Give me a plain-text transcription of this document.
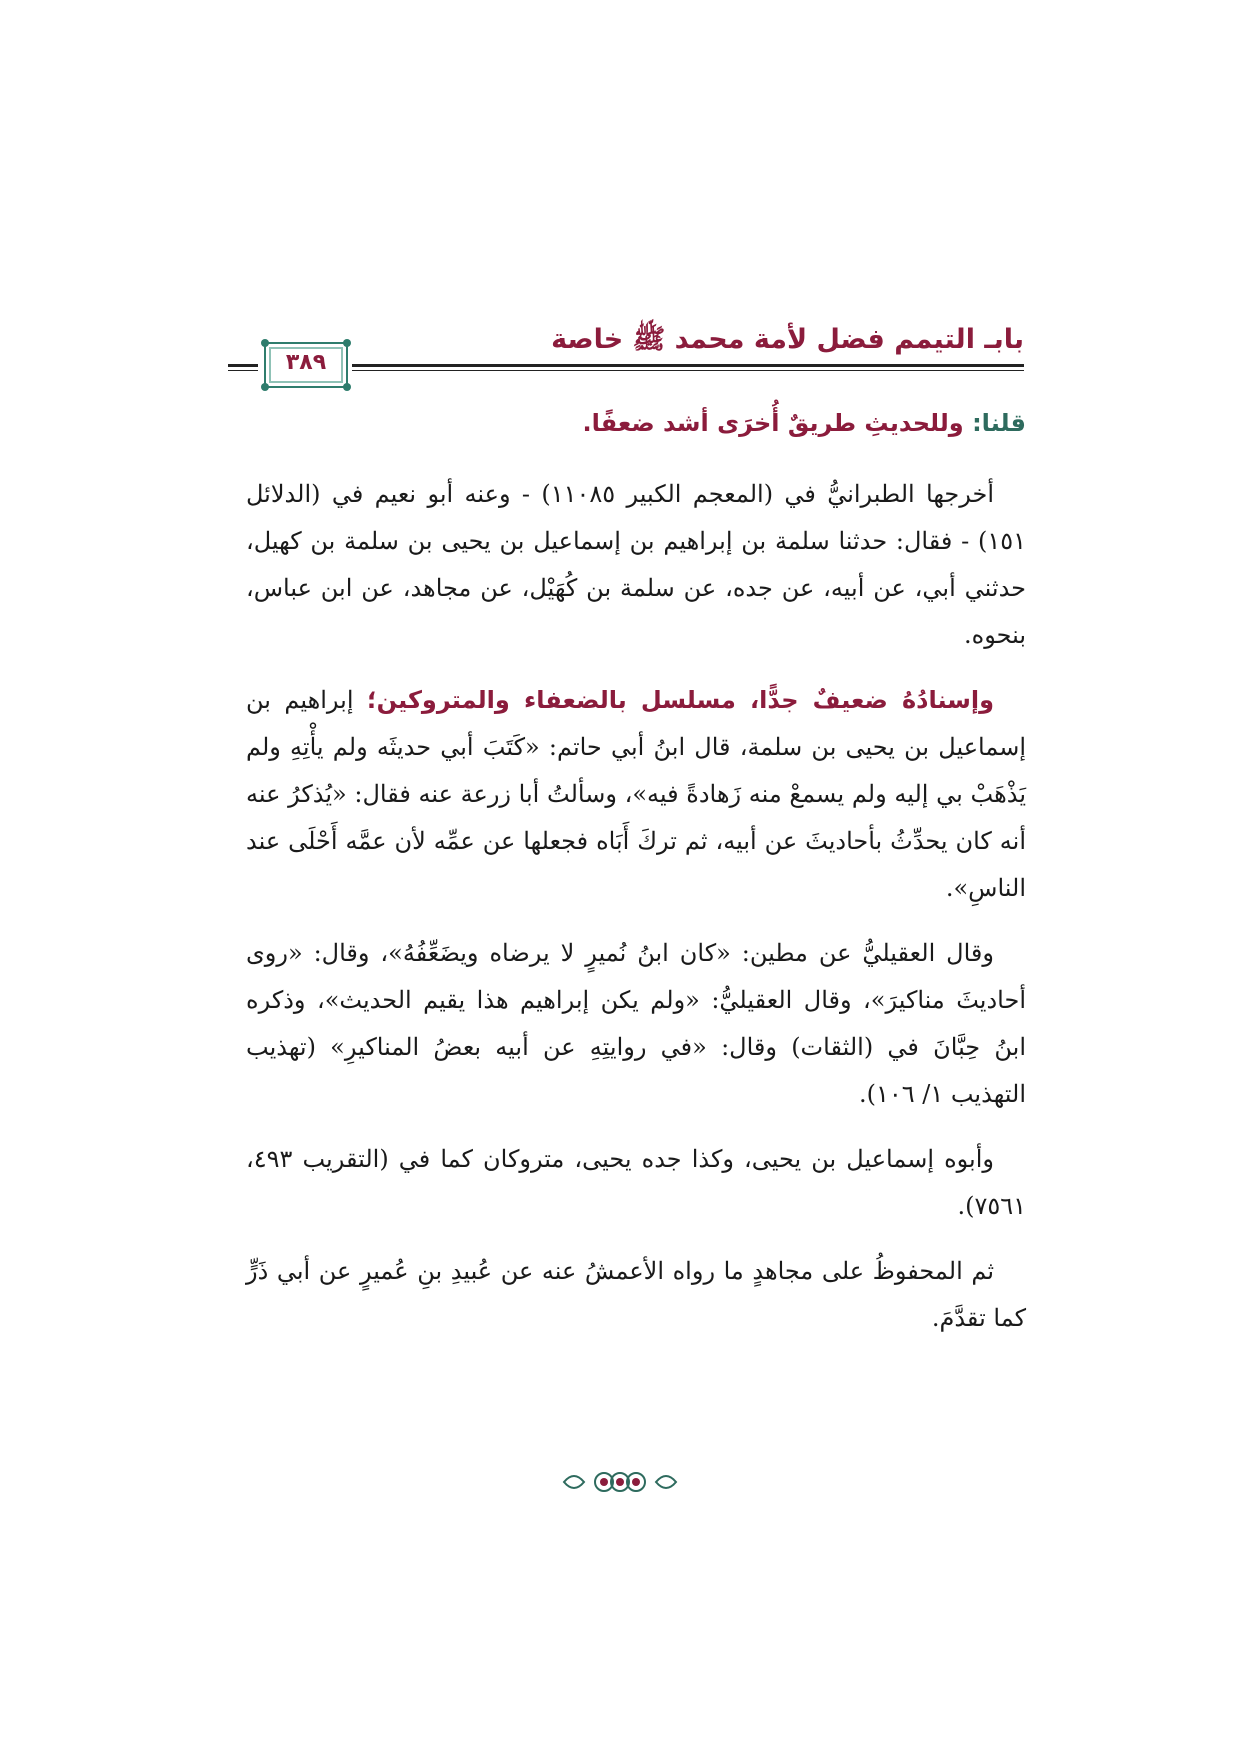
بابـ التيمم فضل لأمة محمد ﷺ خاصة
٣٨٩
قلنا: وللحديثِ طريقٌ أُخرَى أشد ضعفًا.

أخرجها الطبرانيُّ في (المعجم الكبير ١١٠٨٥) - وعنه أبو نعيم في (الدلائل ١٥١) - فقال: حدثنا سلمة بن إبراهيم بن إسماعيل بن يحيى بن سلمة بن كهيل، حدثني أبي، عن أبيه، عن جده، عن سلمة بن كُهَيْل، عن مجاهد، عن ابن عباس، بنحوه.

وإسنادُهُ ضعيفٌ جدًّا، مسلسل بالضعفاء والمتروكين؛ إبراهيم بن إسماعيل بن يحيى بن سلمة، قال ابنُ أبي حاتم: «كَتَبَ أبي حديثَه ولم يأْتِهِ ولم يَذْهَبْ بي إليه ولم يسمعْ منه زَهادةً فيه»، وسألتُ أبا زرعة عنه فقال: «يُذكرُ عنه أنه كان يحدِّثُ بأحاديثَ عن أبيه، ثم تركَ أَبَاه فجعلها عن عمِّه لأن عمَّه أَحْلَى عند الناسِ».

وقال العقيليُّ عن مطين: «كان ابنُ نُميرٍ لا يرضاه ويضَعِّفُهُ»، وقال: «روى أحاديثَ مناكيرَ»، وقال العقيليُّ: «ولم يكن إبراهيم هذا يقيم الحديث»، وذكره ابنُ حِبَّانَ في (الثقات) وقال: «في روايتِهِ عن أبيه بعضُ المناكيرِ» (تهذيب التهذيب ١/ ١٠٦).

وأبوه إسماعيل بن يحيى، وكذا جده يحيى، متروكان كما في (التقريب ٤٩٣، ٧٥٦١).

ثم المحفوظُ على مجاهدٍ ما رواه الأعمشُ عنه عن عُبيدِ بنِ عُميرٍ عن أبي ذَرٍّ كما تقدَّمَ.
